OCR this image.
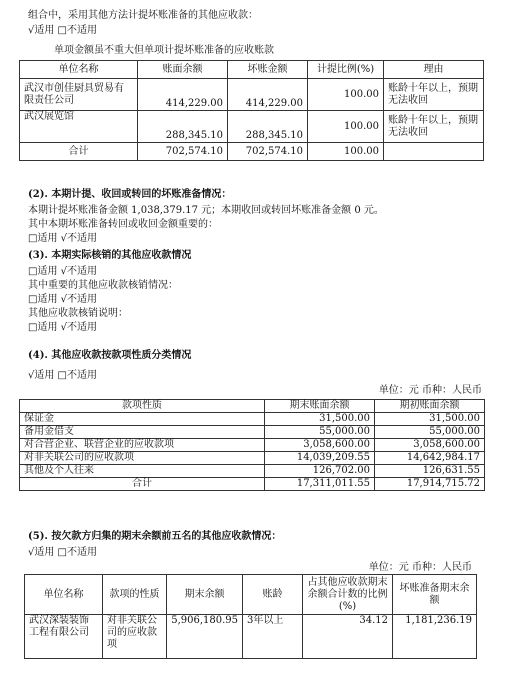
组合中，采用其他方法计提坏账准备的其他应收款：
√适用 □不适用
单项金额虽不重大但单项计提坏账准备的应收账款
单位名称	账面余额	坏账金额	计提比例(%)	理由
武汉市创佳厨具贸易有限责任公司	414,229.00	414,229.00	100.00	账龄十年以上，预期无法收回
武汉展览馆	288,345.10	288,345.10	100.00	账龄十年以上，预期无法收回
合计	702,574.10	702,574.10	100.00	
(2). 本期计提、收回或转回的坏账准备情况：
本期计提坏账准备金额 1,038,379.17 元；本期收回或转回坏账准备金额 0 元。
其中本期坏账准备转回或收回金额重要的：
□适用 √不适用
(3). 本期实际核销的其他应收款情况
□适用 √不适用
其中重要的其他应收款核销情况：
□适用 √不适用
其他应收款核销说明：
□适用 √不适用
(4). 其他应收款按款项性质分类情况
√适用 □不适用
单位：元 币种：人民币
款项性质	期末账面余额	期初账面余额
保证金	31,500.00	31,500.00
备用金借支	55,000.00	55,000.00
对合营企业、联营企业的应收款项	3,058,600.00	3,058,600.00
对非关联公司的应收款项	14,039,209.55	14,642,984.17
其他及个人往来	126,702.00	126,631.55
合计	17,311,011.55	17,914,715.72
(5). 按欠款方归集的期末余额前五名的其他应收款情况：
√适用 □不适用
单位：元 币种：人民币
单位名称	款项的性质	期末余额	账龄	占其他应收款期末余额合计数的比例(%)	坏账准备期末余额
武汉深装装饰工程有限公司	对非关联公司的应收款项	5,906,180.95	3年以上	34.12	1,181,236.19
